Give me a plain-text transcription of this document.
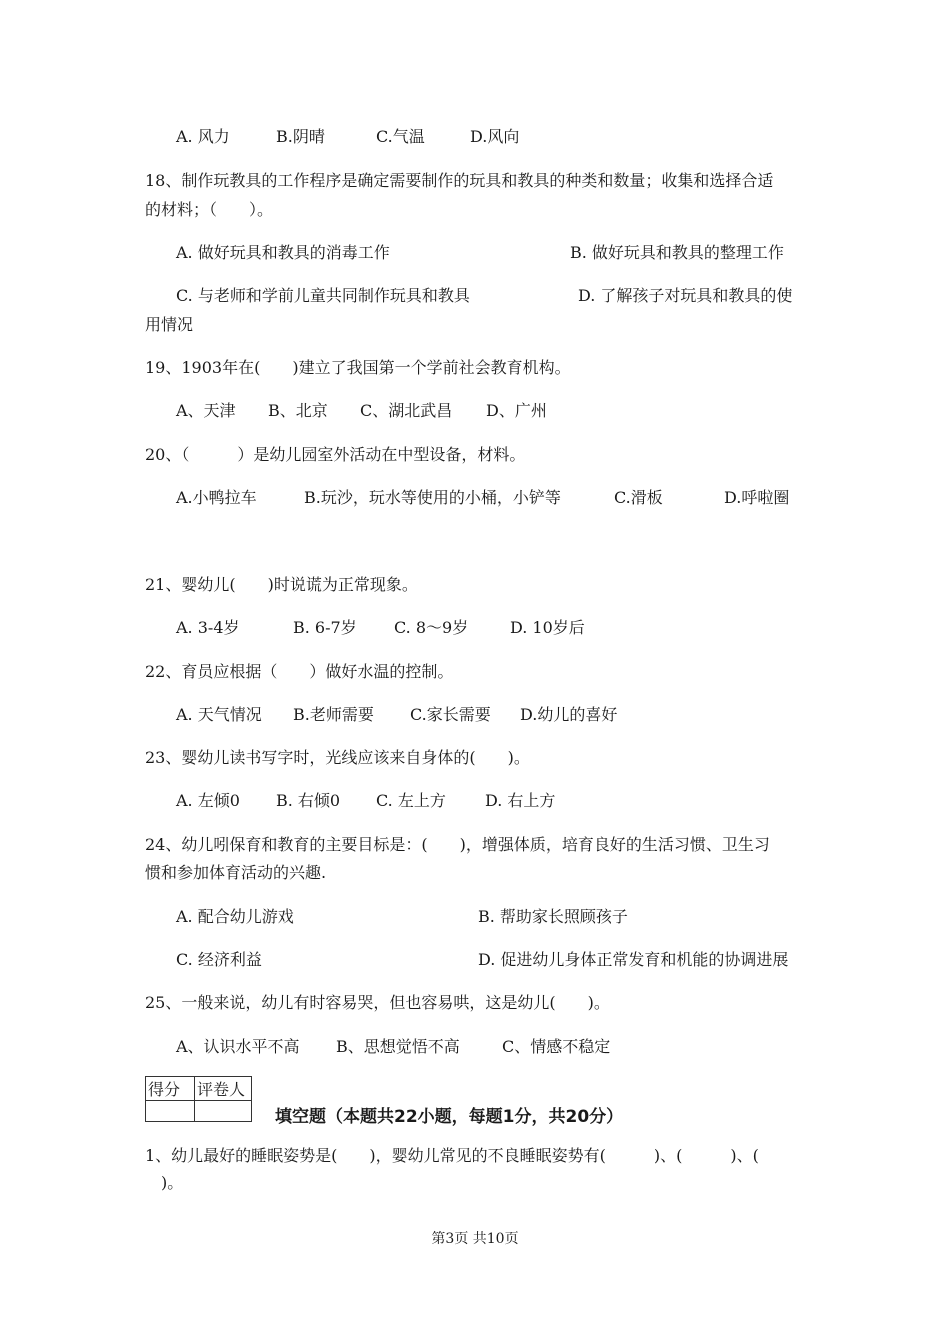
A. 风力	B.阴晴	C.气温	D.风向
18、制作玩教具的工作程序是确定需要制作的玩具和教具的种类和数量；收集和选择合适
的材料；（　　）。
A. 做好玩具和教具的消毒工作	B. 做好玩具和教具的整理工作
C. 与老师和学前儿童共同制作玩具和教具	D. 了解孩子对玩具和教具的使
用情况
19、1903年在(　　)建立了我国第一个学前社会教育机构。
A、天津 B、北京 C、湖北武昌 D、广州
20、（　　　）是幼儿园室外活动在中型设备，材料。
A.小鸭拉车	B.玩沙，玩水等使用的小桶，小铲等	C.滑板	D.呼啦圈
21、婴幼儿(　　)时说谎为正常现象。
A. 3-4岁	B. 6-7岁 C. 8～9岁	D. 10岁后
22、育员应根据（　　）做好水温的控制。
A. 天气情况 B.老师需要 C.家长需要 D.幼儿的喜好
23、婴幼儿读书写字时，光线应该来自身体的(　　)。
A. 左倾0 B. 右倾0 C. 左上方 D. 右上方
24、幼儿吲保育和教育的主要目标是：(　　)，增强体质，培育良好的生活习惯、卫生习
惯和参加体育活动的兴趣.
A. 配合幼儿游戏	B. 帮助家长照顾孩子
C. 经济利益	D. 促进幼儿身体正常发育和机能的协调进展
25、一般来说，幼儿有时容易哭，但也容易哄，这是幼儿(　　)。
A、认识水平不高 B、思想觉悟不高	C、情感不稳定
得分	评卷人

填空题（本题共22小题，每题1分，共20分）
1、幼儿最好的睡眠姿势是(　　)，婴幼儿常见的不良睡眠姿势有(　　　)、(　　　)、(
　)。
第3页 共10页
